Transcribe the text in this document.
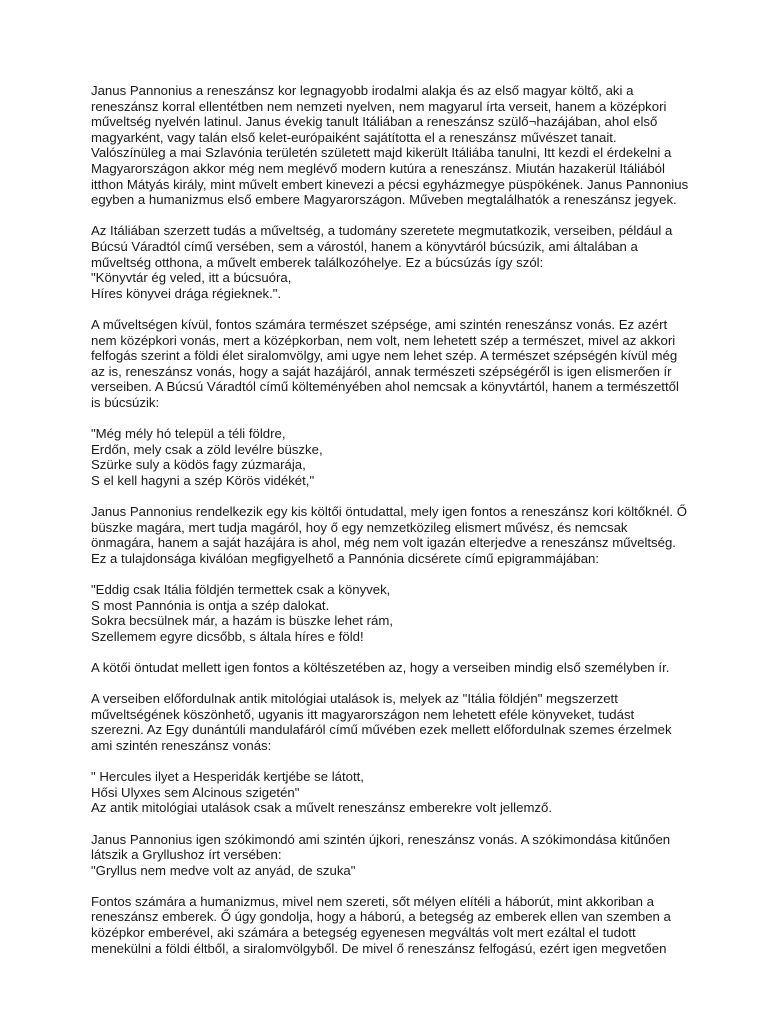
Janus Pannonius a reneszánsz kor legnagyobb irodalmi alakja és az első magyar költő, aki a
reneszánsz korral ellentétben nem nemzeti nyelven, nem magyarul írta verseit, hanem a középkori
műveltség nyelvén latinul. Janus évekig tanult Itáliában a reneszánsz szülő¬hazájában, ahol első
magyarként, vagy talán első kelet-európaiként sajátította el a reneszánsz művészet tanait.
Valószínüleg a mai Szlavónia területén született majd kikerült Itáliába tanulni, Itt kezdi el érdekelni a
Magyarországon akkor még nem meglévő modern kutúra a reneszánsz. Miután hazakerül Itáliából
itthon Mátyás király, mint művelt embert kinevezi a pécsi egyházmegye püspökének. Janus Pannonius
egyben a humanizmus első embere Magyarországon. Műveben megtalálhatók a reneszánsz jegyek.
Az Itáliában szerzett tudás a műveltség, a tudomány szeretete megmutatkozik, verseiben, például a
Búcsú Váradtól című versében, sem a várostól, hanem a könyvtáról búcsúzik, ami általában a
műveltség otthona, a művelt emberek találkozóhelye. Ez a búcsúzás így szól:
"Könyvtár ég veled, itt a búcsuóra,
Híres könyvei drága régieknek.".
A műveltségen kívül, fontos számára természet szépsége, ami szintén reneszánsz vonás. Ez azért
nem középkori vonás, mert a középkorban, nem volt, nem lehetett szép a természet, mivel az akkori
felfogás szerint a földi élet siralomvölgy, ami ugye nem lehet szép. A természet szépségén kívül még
az is, reneszánsz vonás, hogy a saját hazájáról, annak természeti szépségéről is igen elismerően ír
verseiben. A Búcsú Váradtól című költeményében ahol nemcsak a könyvtártól, hanem a természettől
is búcsúzik:
"Még mély hó települ a téli földre,
Erdőn, mely csak a zöld levélre büszke,
Szürke suly a ködös fagy zúzmarája,
S el kell hagyni a szép Körös vidékét,"
Janus Pannonius rendelkezik egy kis költői öntudattal, mely igen fontos a reneszánsz kori költőknél. Ő
büszke magára, mert tudja magáról, hoy ő egy nemzetközileg elismert művész, és nemcsak
önmagára, hanem a saját hazájára is ahol, még nem volt igazán elterjedve a reneszánsz műveltség.
Ez a tulajdonsága kiválóan megfigyelhető a Pannónia dicsérete című epigrammájában:
"Eddig csak Itália földjén termettek csak a könyvek,
S most Pannónia is ontja a szép dalokat.
Sokra becsülnek már, a hazám is büszke lehet rám,
Szellemem egyre dicsőbb, s általa híres e föld!
A kötői öntudat mellett igen fontos a költészetében az, hogy a verseiben mindig első személyben ír.
A verseiben előfordulnak antik mitológiai utalások is, melyek az "Itália földjén" megszerzett
műveltségének köszönhető, ugyanis itt magyarországon nem lehetett eféle könyveket, tudást
szerezni. Az Egy dunántúli mandulafáról című művében ezek mellett előfordulnak szemes érzelmek
ami szintén reneszánsz vonás:
" Hercules ilyet a Hesperidák kertjébe se látott,
Hősi Ulyxes sem Alcinous szigetén"
Az antik mitológiai utalások csak a művelt reneszánsz emberekre volt jellemző.
Janus Pannonius igen szókimondó ami szintén újkori, reneszánsz vonás. A szókimondása kitűnően
látszik a Gryllushoz írt versében:
"Gryllus nem medve volt az anyád, de szuka"
Fontos számára a humanizmus, mivel nem szereti, sőt mélyen elítéli a háborút, mint akkoriban a
reneszánsz emberek. Ő úgy gondolja, hogy a háború, a betegség az emberek ellen van szemben a
középkor emberével, aki számára a betegség egyenesen megváltás volt mert ezáltal el tudott
menekülni a földi éltből, a siralomvölgyből. De mivel ő reneszánsz felfogású, ezért igen megvetően
